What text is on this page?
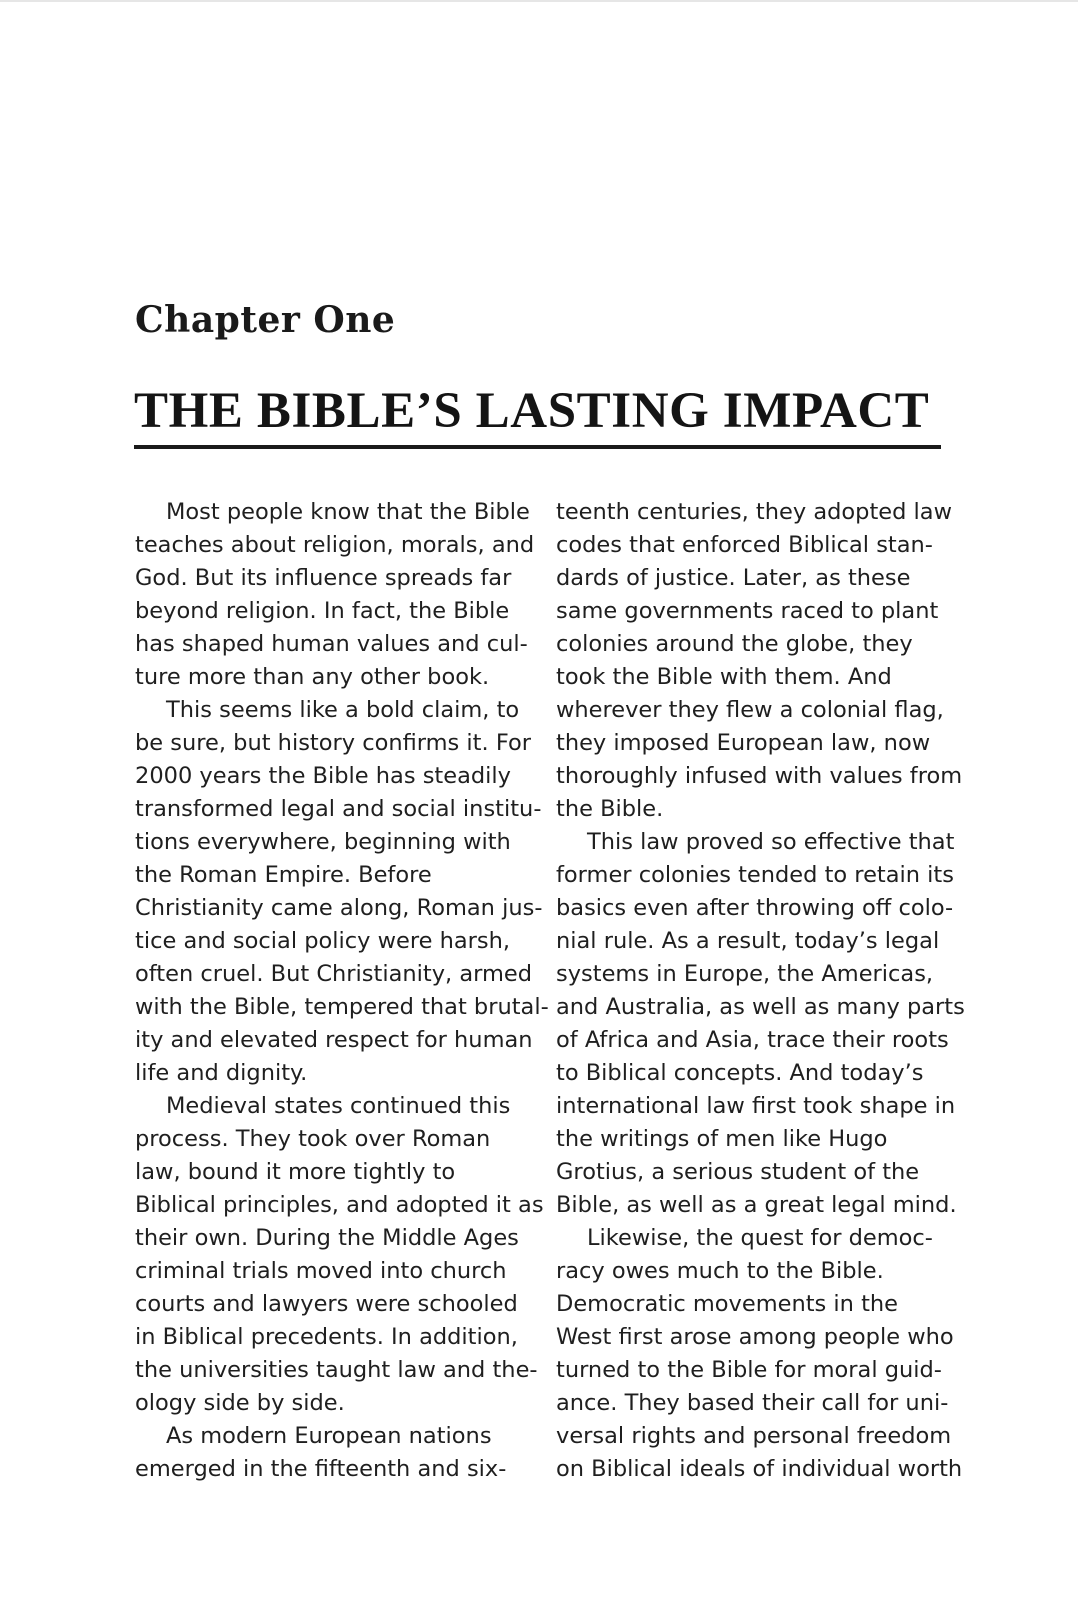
Chapter One
THE BIBLE’S LASTING IMPACT
Most people know that the Bible
teaches about religion, morals, and
God. But its influence spreads far
beyond religion. In fact, the Bible
has shaped human values and cul-
ture more than any other book.
This seems like a bold claim, to
be sure, but history confirms it. For
2000 years the Bible has steadily
transformed legal and social institu-
tions everywhere, beginning with
the Roman Empire. Before
Christianity came along, Roman jus-
tice and social policy were harsh,
often cruel. But Christianity, armed
with the Bible, tempered that brutal-
ity and elevated respect for human
life and dignity.
Medieval states continued this
process. They took over Roman
law, bound it more tightly to
Biblical principles, and adopted it as
their own. During the Middle Ages
criminal trials moved into church
courts and lawyers were schooled
in Biblical precedents. In addition,
the universities taught law and the-
ology side by side.
As modern European nations
emerged in the fifteenth and six-
teenth centuries, they adopted law
codes that enforced Biblical stan-
dards of justice. Later, as these
same governments raced to plant
colonies around the globe, they
took the Bible with them. And
wherever they flew a colonial flag,
they imposed European law, now
thoroughly infused with values from
the Bible.
This law proved so effective that
former colonies tended to retain its
basics even after throwing off colo-
nial rule. As a result, today’s legal
systems in Europe, the Americas,
and Australia, as well as many parts
of Africa and Asia, trace their roots
to Biblical concepts. And today’s
international law first took shape in
the writings of men like Hugo
Grotius, a serious student of the
Bible, as well as a great legal mind.
Likewise, the quest for democ-
racy owes much to the Bible.
Democratic movements in the
West first arose among people who
turned to the Bible for moral guid-
ance. They based their call for uni-
versal rights and personal freedom
on Biblical ideals of individual worth
